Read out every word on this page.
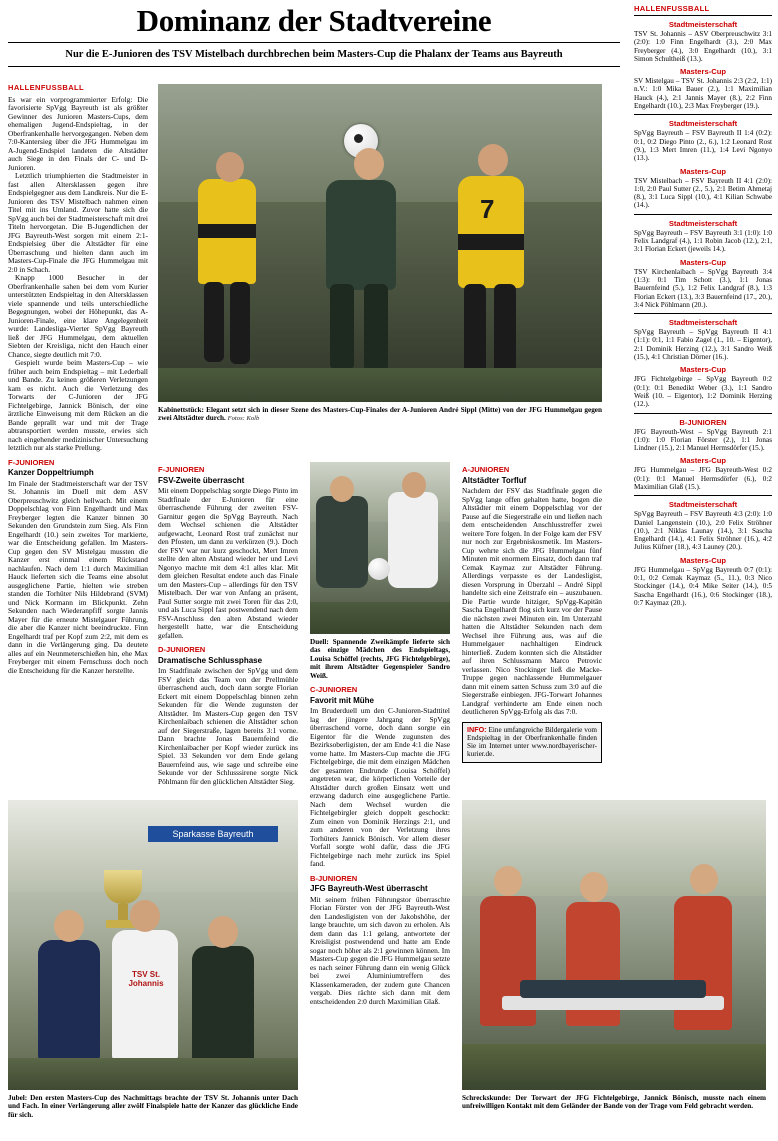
Dominanz der Stadtvereine
Nur die E-Junioren des TSV Mistelbach durchbrechen beim Masters-Cup die Phalanx der Teams aus Bayreuth
HALLENFUSSBALL

Es war ein vorprogrammierter Erfolg: Die favorisierte SpVgg Bayreuth ist als größter Gewinner des Junioren Masters-Cups, dem ehemaligen Jugend-Endspieltag, in der Oberfrankenhalle hervorgegangen. Neben dem 7:0-Kantersieg über die JFG Hummelgau im A-Jugend-Endspiel landeten die Altstädter auch Siege in den Finals der C- und D-Junioren.

Letztlich triumphierten die Stadtmeister in fast allen Altersklassen gegen ihre Endspielgegner aus dem Landkreis. Nur die E-Junioren des TSV Mistelbach nahmen einen Titel mit ins Umland. Zuvor hatte sich die SpVgg auch bei der Stadtmeisterschaft mit drei Titeln hervorgetan. Die B-Jugendlichen der JFG Bayreuth-West sorgen mit einem 2:1-Endspielsieg über die Altstädter für eine Überraschung und hielten dann auch im Masters-Cup-Finale die JFG Hummelgau mit 2:0 in Schach.

Knapp 1000 Besucher in der Oberfrankenhalle sahen bei dem vom Kurier unterstützten Endspieltag in den Altersklassen viele spannende und teils unterschiedliche Begegnungen, wobei der Höhepunkt, das A-Junioren-Finale, eine klare Angelegenheit wurde: Landesliga-Vierter SpVgg Bayreuth ließ der JFG Hummelgau, dem aktuellen Siebten der Kreisliga, nicht den Hauch einer Chance, siegte deutlich mit 7:0.

Gespielt wurde beim Masters-Cup – wie früher auch beim Endspieltag – mit Lederball und Bande. Zu keinen größeren Verletzungen kam es nicht. Auch die Verletzung des Torwarts der C-Junioren der JFG Fichtelgebirge, Jannick Bönisch, der eine ärztliche Einweisung mit dem Rücken an die Bande geprallt war und mit der Trage abtransportiert werden musste, erwies sich nach eingehender medizinischer Untersuchung letztlich nur als starke Prellung.

F-JUNIOREN
Kanzer Doppeltriumph

Im Finale der Stadtmeisterschaft war der TSV St. Johannis im Duell mit dem ASV Oberpreuschwitz gleich hellwach. Mit einem Doppelschlag von Finn Engelhardt und Max Freyberger legten die Kanzer binnen 30 Sekunden den Grundstein zum Sieg. Als Finn Engelhardt (10.) sein zweites Tor markierte, war die Entscheidung gefallen. Im Masters-Cup gegen den SV Mistelgau mussten die Kanzer erst einmal einem Rückstand nachlaufen. Nach dem 1:1 durch Maximilian Hauck lieferten sich die Teams eine absolut ausgeglichene Partie, hielten wie streben standen die Torhüter Nils Hildebrand (SVM) und Nick Kormann im Blickpunkt. Zehn Sekunden nach Wiederanpfiff sorgte Jannis Mayer für die erneute Mistelgauer Führung, die aber die Kanzer nicht beeindruckte. Finn Engelhardt traf per Kopf zum 2:2, mit dem es dann in die Verlängerung ging. Da deutete alles auf ein Neunmeterschießen hin, ehe Max Freyberger mit einem Fernschuss doch noch die Entscheidung für die Kanzer herstellte.

F-JUNIOREN
FSV-Zweite überrascht

Mit einem Doppelschlag sorgte Diego Pinto im Stadtfinale der E-Junioren für eine überraschende Führung der zweiten FSV-Garnitur gegen die SpVgg Bayreuth. Nach dem Wechsel schienen die Altstädter aufgewacht, Leonard Rost traf zunächst nur den Pfosten, um dann zu verkürzen (9.). Doch der FSV war nur kurz geschockt, Mert Imren stellte den alten Abstand wieder her und Levi Ngonyo machte mit dem 4:1 alles klar. Mit dem gleichen Resultat endete auch das Finale um den Masters-Cup – allerdings für den TSV Mistelbach. Der war von Anfang an präsent, Paul Sutter sorgte mit zwei Toren für das 2:0, und als Luca Sippl fast postwendend nach dem FSV-Anschluss den alten Abstand wieder hergestellt hatte, war die Entscheidung gefallen.

D-JUNIOREN
Dramatische Schlussphase

Im Stadtfinale zwischen der SpVgg und dem FSV gleich das Team von der Prellmühle überraschend auch, doch dann sorgte Florian Eckert mit einem Doppelschlag binnen zehn Sekunden für die Wende zugunsten der Altstädter. Im Masters-Cup gegen den TSV Kirchenlaibach schienen die Altstädter schon auf der Siegerstraße, lagen bereits 3:1 vorne. Dann brachte Jonas Bauernfeind die Kirchenlaibacher per Kopf wieder zurück ins Spiel. 33 Sekunden vor dem Ende gelang Bauernfeind aus, wie sage und schreibe eine Sekunde vor der Schlusssirene sorgte Nick Pöhlmann für den glücklichen Altstädter Sieg.

C-JUNIOREN
Favorit mit Mühe

Im Bruderduell um den C-Junioren-Stadttitel lag der jüngere Jahrgang der SpVgg überraschend vorne, doch dann sorgte ein Eigentor für die Wende zugunsten des Bezirksoberligisten, der am Ende 4:1 die Nase vorne hatte. Im Masters-Cup machte die JFG Fichtelgebirge, die mit dem einzigen Mädchen der gesamten Endrunde (Louisa Schöffel) angetreten war, die körperlichen Vorteile der Altstädter durch großen Einsatz wett und erzwang dadurch eine ausgeglichene Partie. Nach dem Wechsel wurden die Fichtelgebirgler gleich doppelt geschockt: Zum einen von Dominik Herzings 2:1, und zum anderen von der Verletzung ihres Torhüters Jannick Bönisch. Vor allem dieser Vorfall sorgte wohl dafür, dass die JFG Fichtelgebirge nach mehr zurück ins Spiel fand.

B-JUNIOREN
JFG Bayreuth-West überrascht

Mit seinem frühen Führungstor überraschte Florian Förster von der JFG Bayreuth-West den Landesligisten von der Jakobshöhe, der lange brauchte, um sich davon zu erholen. Als dem dann das 1:1 gelang, antwortete der Kreisligist postwendend und hatte am Ende sogar noch höher als 2:1 gewinnen können. Im Masters-Cup gegen die JFG Hummelgau setzte es nach seiner Führung dann ein wenig Glück bei zwei Aluminiumtreffern des Klassenkameraden, der zudem gute Chancen vergab. Dies rächte sich dann mit dem entscheidenden 2:0 durch Maximilian Glaß.

A-JUNIOREN
Altstädter Torfluf

Nachdem der FSV das Stadtfinale gegen die SpVgg lange offen gehalten hatte, bogen die Altstädter mit einem Doppelschlag vor der Pause auf die Siegerstraße ein und ließen nach dem entscheidenden Anschlusstreffer zwei weitere Tore folgen. In der Folge kam der FSV nur noch zur Ergebniskosmetik. Im Masters-Cup wehrte sich die JFG Hummelgau fünf Minuten mit enormem Einsatz, doch dann traf Cemak Kaymaz zur Altstädter Führung. Allerdings verpasste es der Landesligist, diesen Vorsprung in Überzahl – André Sippl handelte sich eine Zeitstrafe ein – auszubauen. Die Partie wurde hitziger, SpVgg-Kapitän Sascha Engelhardt flog sich kurz vor der Pause die nächsten zwei Minuten ein. Im Unterzahl hatten die Altstädter Sekunden nach dem Wechsel ihre Führung aus, was auf die Hummelgauer nachhaltigen Eindruck hinterließ. Zudem konnten sich die Altstädter auf ihren Schlussmann Marco Petrovic verlassen. Nico Stockinger ließ die Macke-Truppe gegen nachlassende Hummelgauer dann mit einem satten Schuss zum 3:0 auf die Siegerstraße einbiegen. JFG-Torwart Johannes Landgraf verhinderte am Ende einen noch deutlicheren SpVgg-Erfolg als das 7:0.

INFO: Eine umfangreiche Bildergalerie vom Endspieltag in der Oberfrankenhalle finden Sie im Internet unter www.nordbayerischer-kurier.de.
7
Kabinettstück: Elegant setzt sich in dieser Szene des Masters-Cup-Finales der A-Junioren André Sippl (Mitte) von der JFG Hummelgau gegen zwei Altstädter durch. Fotos: Kolb
Duell: Spannende Zweikämpfe lieferte sich das einzige Mädchen des Endspieltags, Louisa Schöffel (rechts, JFG Fichtelgebirge), mit ihrem Altstädter Gegenspieler Sandro Weiß.
Sparkasse Bayreuth
TSV St. Johannis
Jubel: Den ersten Masters-Cup des Nachmittags brachte der TSV St. Johannis unter Dach und Fach. In einer Verlängerung aller zwölf Finalspiele hatte der Kanzer das glückliche Ende für sich.
Schreckskunde: Der Torwart der JFG Fichtelgebirge, Jannick Bönisch, musste nach einem unfreiwilligen Kontakt mit dem Geländer der Bande von der Trage vom Feld gebracht werden.
HALLENFUSSBALL
Stadtmeisterschaft
TSV St. Johannis – ASV Oberpreuschwitz 3:1 (2:0): 1:0 Finn Engelhardt (3.), 2:0 Max Freyberger (4.), 3:0 Engelhardt (10.), 3:1 Simon Schultheiß (13.).
Masters-Cup
SV Mistelgau – TSV St. Johannis 2:3 (2:2, 1:1) n.V.: 1:0 Mika Bauer (2.), 1:1 Maximilian Hauck (4.), 2:1 Jannis Mayer (8.), 2:2 Finn Engelhardt (10.), 2:3 Max Freyberger (19.).
Stadtmeisterschaft
SpVgg Bayreuth – FSV Bayreuth II 1:4 (0:2): 0:1, 0:2 Diego Pinto (2., 6.), 1:2 Leonard Rost (9.), 1:3 Mert Imren (11.), 1:4 Levi Ngonyo (13.).
Masters-Cup
TSV Mistelbach – FSV Bayreuth II 4:1 (2:0): 1:0, 2:0 Paul Sutter (2., 5.), 2:1 Betim Ahmetaj (8.), 3:1 Luca Sippl (10.), 4:1 Kilian Schwabe (14.).
Stadtmeisterschaft
SpVgg Bayreuth – FSV Bayreuth 3:1 (1:0): 1:0 Felix Landgraf (4.), 1:1 Robin Jacob (12.), 2:1, 3:1 Florian Eckert (jeweils 14.).
Masters-Cup
TSV Kirchenlaibach – SpVgg Bayreuth 3:4 (1:3): 0:1 Tim Schott (3.), 1:1 Jonas Bauernfeind (5.), 1:2 Felix Landgraf (8.), 1:3 Florian Eckert (13.), 3:3 Bauernfeind (17., 20.), 3:4 Nick Pöhlmann (20.).
Stadtmeisterschaft
SpVgg Bayreuth – SpVgg Bayreuth II 4:1 (1:1): 0:1, 1:1 Fabio Zagel (1., 10. – Eigentor), 2:1 Dominik Herzing (12.), 3:1 Sandro Weiß (15.), 4:1 Christian Dörner (16.).
Masters-Cup
JFG Fichtelgebirge – SpVgg Bayreuth 0:2 (0:1): 0:1 Benedikt Weber (3.), 1:1 Sandro Weiß (10. – Eigentor), 1:2 Dominik Herzing (12.).
B-JUNIOREN
JFG Bayreuth-West – SpVgg Bayreuth 2:1 (1:0): 1:0 Florian Förster (2.), 1:1 Jonas Lindner (15.), 2:1 Manuel Hermsdörfer (15.).
Masters-Cup
JFG Hummelgau – JFG Bayreuth-West 0:2 (0:1): 0:1 Manuel Hermsdörfer (6.), 0:2 Maximilian Glaß (15.).
Stadtmeisterschaft
SpVgg Bayreuth – FSV Bayreuth 4:3 (2:0): 1:0 Daniel Langenstein (10.), 2:0 Felix Ströhner (10.), 2:1 Niklas Launay (14.), 3:1 Sascha Engelhardt (14.), 4:1 Felix Ströhner (16.), 4:2 Julius Küfner (18.), 4:3 Launey (20.).
Masters-Cup
JFG Hummelgau – SpVgg Bayreuth 0:7 (0:1): 0:1, 0:2 Cemak Kaymaz (5., 11.), 0:3 Nico Stockinger (14.), 0:4 Mike Seiter (14.), 0:5 Sascha Engelhardt (16.), 0:6 Stockinger (18.), 0:7 Kaymaz (20.).
